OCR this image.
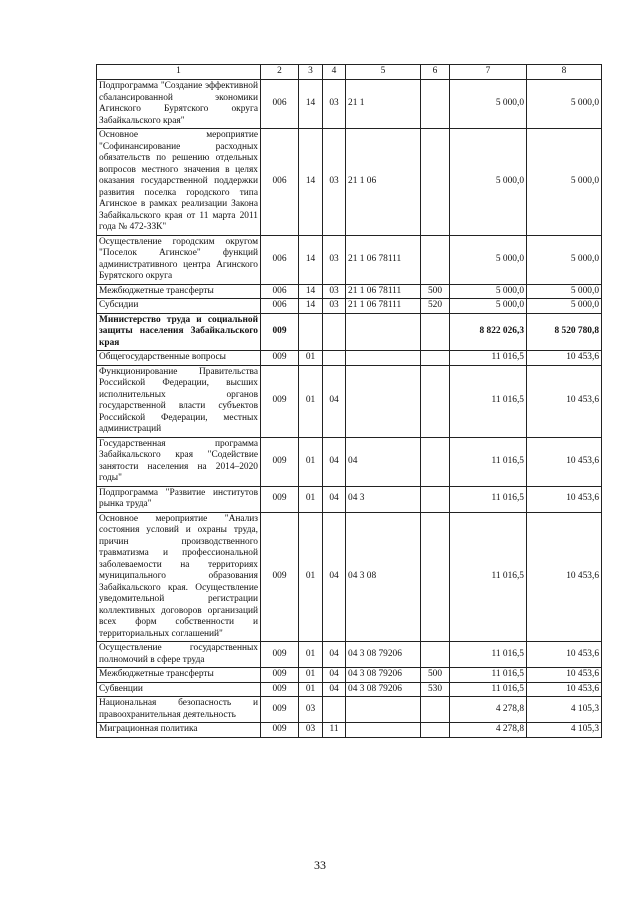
1	2	3	4	5	6	7	8
Подпрограмма "Создание эффективной сбалансированной экономики Агинского Бурятского округа Забайкальского края"	006	14	03	21 1		5 000,0	5 000,0
Основное мероприятие "Софинансирование расходных обязательств по решению отдельных вопросов местного значения в целях оказания государственной поддержки развития поселка городского типа Агинское в рамках реализации Закона Забайкальского края от 11 марта 2011 года № 472-ЗЗК"	006	14	03	21 1 06		5 000,0	5 000,0
Осуществление городским округом "Поселок Агинское" функций административного центра Агинского Бурятского округа	006	14	03	21 1 06 78111		5 000,0	5 000,0
Межбюджетные трансферты	006	14	03	21 1 06 78111	500	5 000,0	5 000,0
Субсидии	006	14	03	21 1 06 78111	520	5 000,0	5 000,0
Министерство труда и социальной защиты населения Забайкальского края	009					8 822 026,3	8 520 780,8
Общегосударственные вопросы	009	01				11 016,5	10 453,6
Функционирование Правительства Российской Федерации, высших исполнительных органов государственной власти субъектов Российской Федерации, местных администраций	009	01	04			11 016,5	10 453,6
Государственная программа Забайкальского края "Содействие занятости населения на 2014–2020 годы"	009	01	04	04		11 016,5	10 453,6
Подпрограмма "Развитие институтов рынка труда"	009	01	04	04 3		11 016,5	10 453,6
Основное мероприятие "Анализ состояния условий и охраны труда, причин производственного травматизма и профессиональной заболеваемости на территориях муниципального образования Забайкальского края. Осуществление уведомительной регистрации коллективных договоров организаций всех форм собственности и территориальных соглашений"	009	01	04	04 3 08		11 016,5	10 453,6
Осуществление государственных полномочий в сфере труда	009	01	04	04 3 08 79206		11 016,5	10 453,6
Межбюджетные трансферты	009	01	04	04 3 08 79206	500	11 016,5	10 453,6
Субвенции	009	01	04	04 3 08 79206	530	11 016,5	10 453,6
Национальная безопасность и правоохранительная деятельность	009	03				4 278,8	4 105,3
Миграционная политика	009	03	11			4 278,8	4 105,3
33
